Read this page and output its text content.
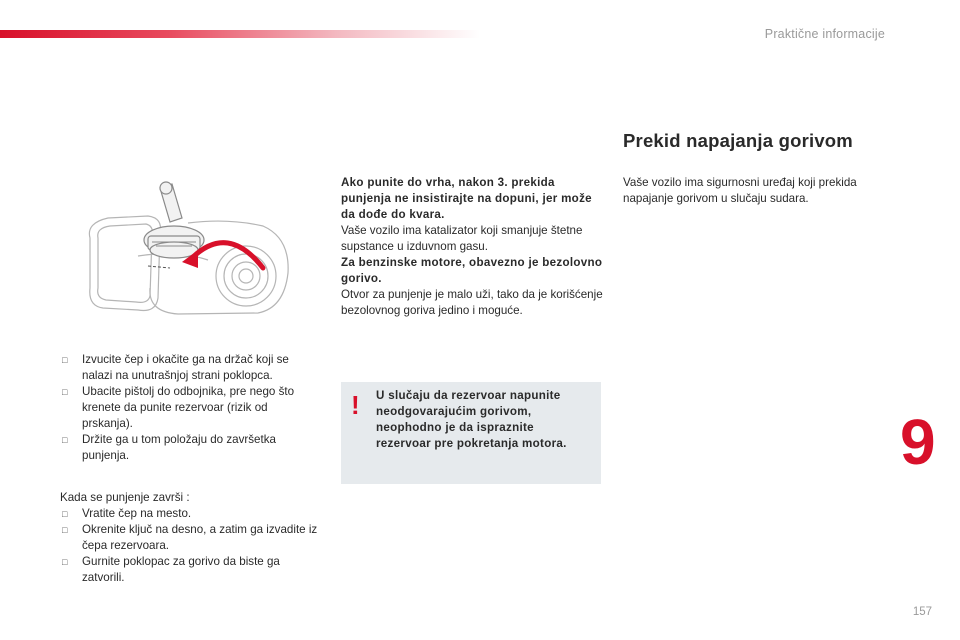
Praktične informacije
□ Izvucite čep i okačite ga na držač koji se nalazi na unutrašnjoj strani poklopca.
□ Ubacite pištolj do odbojnika, pre nego što krenete da punite rezervoar (rizik od prskanja).
□ Držite ga u tom položaju do završetka punjenja.
Kada se punjenje završi :
□ Vratite čep na mesto.
□ Okrenite ključ na desno, a zatim ga izvadite iz čepa rezervoara.
□ Gurnite poklopac za gorivo da biste ga zatvorili.
Ako punite do vrha, nakon 3. prekida punjenja ne insistirajte na dopuni, jer može da dođe do kvara.
Vaše vozilo ima katalizator koji smanjuje štetne supstance u izduvnom gasu.
Za benzinske motore, obavezno je bezolovno gorivo.
Otvor za punjenje je malo uži, tako da je korišćenje bezolovnog goriva jedino i moguće.
! U slučaju da rezervoar napunite neodgovarajućim gorivom, neophodno je da ispraznite rezervoar pre pokretanja motora.
Prekid napajanja gorivom
Vaše vozilo ima sigurnosni uređaj koji prekida napajanje gorivom u slučaju sudara.
9
157
